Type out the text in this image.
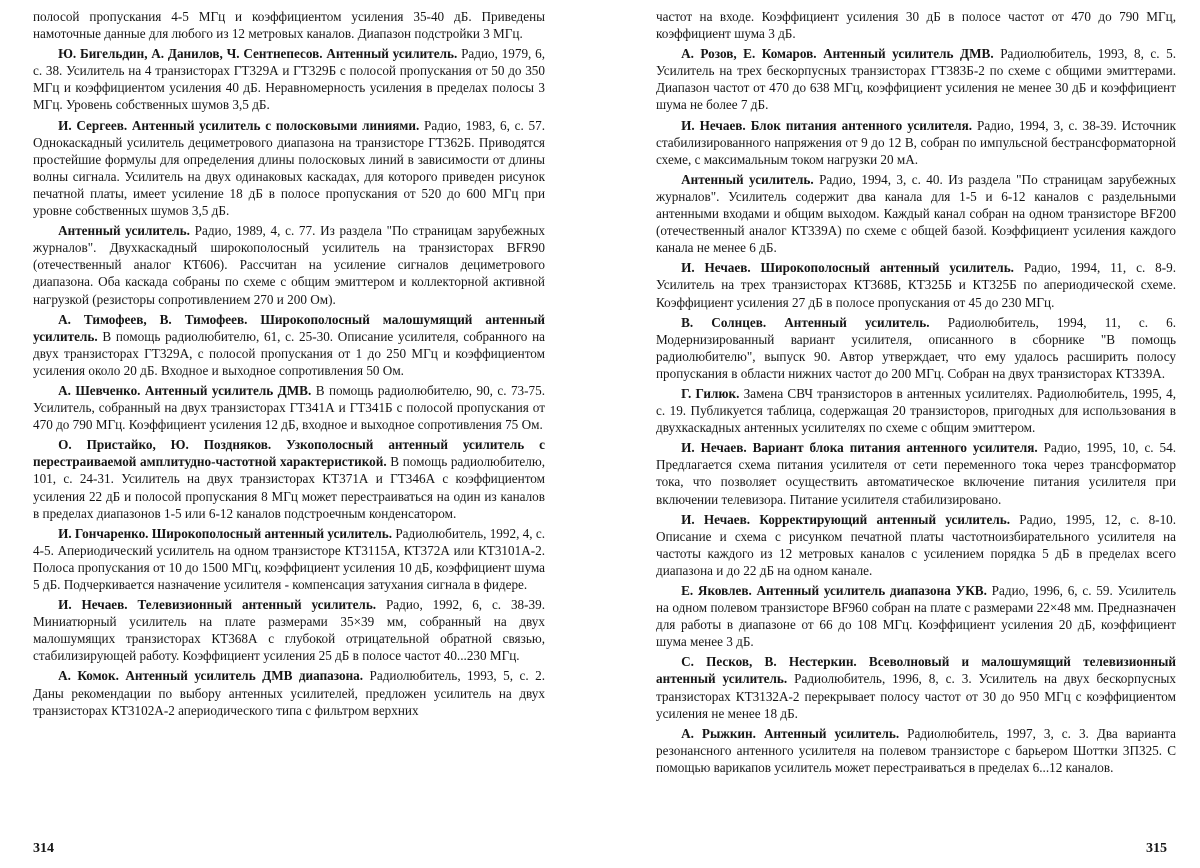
полосой пропускания 4-5 МГц и коэффициентом усиления 35-40 дБ. Приведены намоточные данные для любого из 12 метровых каналов. Диапазон подстройки 3 МГц.

Ю. Бигельдин, А. Данилов, Ч. Сентнепесов. Антенный усилитель. Радио, 1979, 6, с. 38. Усилитель на 4 транзисторах ГТ329А и ГТ329Б с полосой пропускания от 50 до 350 МГц и коэффициентом усиления 40 дБ. Неравномерность усиления в пределах полосы 3 МГц. Уровень собственных шумов 3,5 дБ.

И. Сергеев. Антенный усилитель с полосковыми линиями. Радио, 1983, 6, с. 57. Однокаскадный усилитель дециметрового диапазона на транзисторе ГТ362Б. Приводятся простейшие формулы для определения длины полосковых линий в зависимости от длины волны сигнала. Усилитель на двух одинаковых каскадах, для которого приведен рисунок печатной платы, имеет усиление 18 дБ в полосе пропускания от 520 до 600 МГц при уровне собственных шумов 3,5 дБ.

Антенный усилитель. Радио, 1989, 4, с. 77. Из раздела "По страницам зарубежных журналов". Двухкаскадный широкополосный усилитель на транзисторах BFR90 (отечественный аналог КТ606). Рассчитан на усиление сигналов дециметрового диапазона. Оба каскада собраны по схеме с общим эмиттером и коллекторной активной нагрузкой (резисторы сопротивлением 270 и 200 Ом).

А. Тимофеев, В. Тимофеев. Широкополосный малошумящий антенный усилитель. В помощь радиолюбителю, 61, с. 25-30. Описание усилителя, собранного на двух транзисторах ГТ329А, с полосой пропускания от 1 до 250 МГц и коэффициентом усиления около 20 дБ. Входное и выходное сопротивления 50 Ом.

А. Шевченко. Антенный усилитель ДМВ. В помощь радиолюбителю, 90, с. 73-75. Усилитель, собранный на двух транзисторах ГТ341А и ГТ341Б с полосой пропускания от 470 до 790 МГц. Коэффициент усиления 12 дБ, входное и выходное сопротивления 75 Ом.

О. Пристайко, Ю. Поздняков. Узкополосный антенный усилитель с перестраиваемой амплитудно-частотной характеристикой. В помощь радиолюбителю, 101, с. 24-31. Усилитель на двух транзисторах КТ371А и ГТ346А с коэффициентом усиления 22 дБ и полосой пропускания 8 МГц может перестраиваться на один из каналов в пределах диапазонов 1-5 или 6-12 каналов подстроечным конденсатором.

И. Гончаренко. Широкополосный антенный усилитель. Радиолюбитель, 1992, 4, с. 4-5. Апериодический усилитель на одном транзисторе КТ3115А, КТ372А или КТ3101А-2. Полоса пропускания от 10 до 1500 МГц, коэффициент усиления 10 дБ, коэффициент шума 5 дБ. Подчеркивается назначение усилителя - компенсация затухания сигнала в фидере.

И. Нечаев. Телевизионный антенный усилитель. Радио, 1992, 6, с. 38-39. Миниатюрный усилитель на плате размерами 35×39 мм, собранный на двух малошумящих транзисторах КТ368А с глубокой отрицательной обратной связью, стабилизирующей работу. Коэффициент усиления 25 дБ в полосе частот 40...230 МГц.

А. Комок. Антенный усилитель ДМВ диапазона. Радиолюбитель, 1993, 5, с. 2. Даны рекомендации по выбору антенных усилителей, предложен усилитель на двух транзисторах КТ3102А-2 апериодического типа с фильтром верхних

314

частот на входе. Коэффициент усиления 30 дБ в полосе частот от 470 до 790 МГц, коэффициент шума 3 дБ.

А. Розов, Е. Комаров. Антенный усилитель ДМВ. Радиолюбитель, 1993, 8, с. 5. Усилитель на трех бескорпусных транзисторах ГТ383Б-2 по схеме с общими эмиттерами. Диапазон частот от 470 до 638 МГц, коэффициент усиления не менее 30 дБ и коэффициент шума не более 7 дБ.

И. Нечаев. Блок питания антенного усилителя. Радио, 1994, 3, с. 38-39. Источник стабилизированного напряжения от 9 до 12 В, собран по импульсной бестрансформаторной схеме, с максимальным током нагрузки 20 мА.

Антенный усилитель. Радио, 1994, 3, с. 40. Из раздела "По страницам зарубежных журналов". Усилитель содержит два канала для 1-5 и 6-12 каналов с раздельными антенными входами и общим выходом. Каждый канал собран на одном транзисторе BF200 (отечественный аналог КТ339А) по схеме с общей базой. Коэффициент усиления каждого канала не менее 6 дБ.

И. Нечаев. Широкополосный антенный усилитель. Радио, 1994, 11, с. 8-9. Усилитель на трех транзисторах КТ368Б, КТ325Б и КТ325Б по апериодической схеме. Коэффициент усиления 27 дБ в полосе пропускания от 45 до 230 МГц.

В. Солнцев. Антенный усилитель. Радиолюбитель, 1994, 11, с. 6. Модернизированный вариант усилителя, описанного в сборнике "В помощь радиолюбителю", выпуск 90. Автор утверждает, что ему удалось расширить полосу пропускания в области нижних частот до 200 МГц. Собран на двух транзисторах КТ339А.

Г. Гилюк. Замена СВЧ транзисторов в антенных усилителях. Радиолюбитель, 1995, 4, с. 19. Публикуется таблица, содержащая 20 транзисторов, пригодных для использования в двухкаскадных антенных усилителях по схеме с общим эмиттером.

И. Нечаев. Вариант блока питания антенного усилителя. Радио, 1995, 10, с. 54. Предлагается схема питания усилителя от сети переменного тока через трансформатор тока, что позволяет осуществить автоматическое включение питания усилителя при включении телевизора. Питание усилителя стабилизировано.

И. Нечаев. Корректирующий антенный усилитель. Радио, 1995, 12, с. 8-10. Описание и схема с рисунком печатной платы частотноизбирательного усилителя на частоты каждого из 12 метровых каналов с усилением порядка 5 дБ в пределах всего диапазона и до 22 дБ на одном канале.

Е. Яковлев. Антенный усилитель диапазона УКВ. Радио, 1996, 6, с. 59. Усилитель на одном полевом транзисторе BF960 собран на плате с размерами 22×48 мм. Предназначен для работы в диапазоне от 66 до 108 МГц. Коэффициент усиления 20 дБ, коэффициент шума менее 3 дБ.

С. Песков, В. Нестеркин. Всеволновый и малошумящий телевизионный антенный усилитель. Радиолюбитель, 1996, 8, с. 3. Усилитель на двух бескорпусных транзисторах КТ3132А-2 перекрывает полосу частот от 30 до 950 МГц с коэффициентом усиления не менее 18 дБ.

А. Рыжкин. Антенный усилитель. Радиолюбитель, 1997, 3, с. 3. Два варианта резонансного антенного усилителя на полевом транзисторе с барьером Шоттки 3П325. С помощью варикапов усилитель может перестраиваться в пределах 6...12 каналов.

315
